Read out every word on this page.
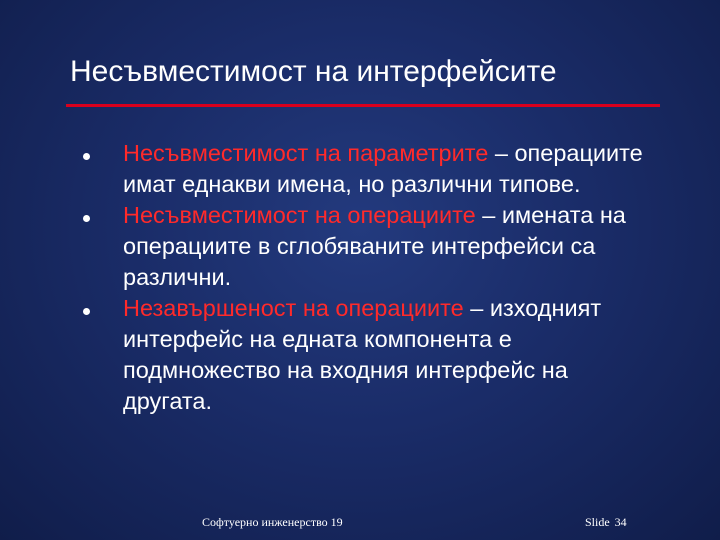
Несъвместимост на интерфейсите
Несъвместимост на параметрите – операциите имат еднакви имена, но различни типове.
Несъвместимост на операциите – имената на операциите в сглобяваните интерфейси са различни.
Незавършеност на операциите – изходният интерфейс на едната компонента е подмножество на входния интерфейс на другата.
Софтуерно инженерство 19	Slide 34
